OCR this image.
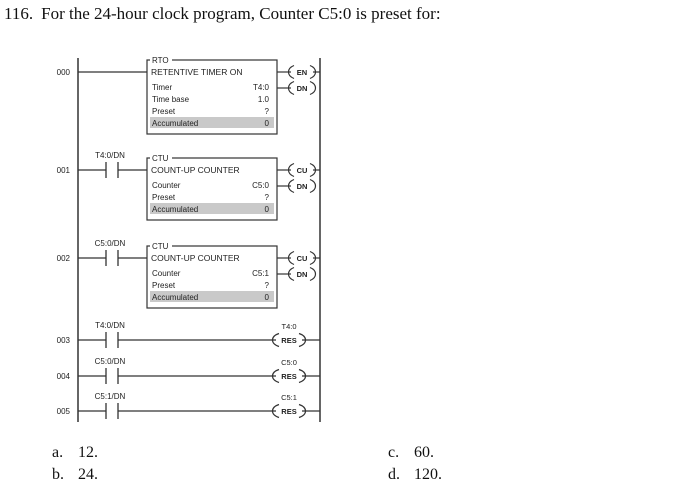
116. For the 24-hour clock program, Counter C5:0 is preset for:
000
RTO
RETENTIVE TIMER ON
Timer	T4:0
Time base	1.0
Preset	?
Accumulated	0
EN
DN
001
T4:0/DN	CTU
COUNT-UP COUNTER
Counter	C5:0
Preset	?
Accumulated	0
CU
DN
002
C5:0/DN	CTU
COUNT-UP COUNTER
Counter	C5:1
Preset	?
Accumulated	0
CU
DN
003
T4:0/DN
RES
T4:0
004
C5:0/DN
RES
C5:0
005
C5:1/DN
RES
C5:1
a. 12.
b. 24.
c. 60.
d. 120.
